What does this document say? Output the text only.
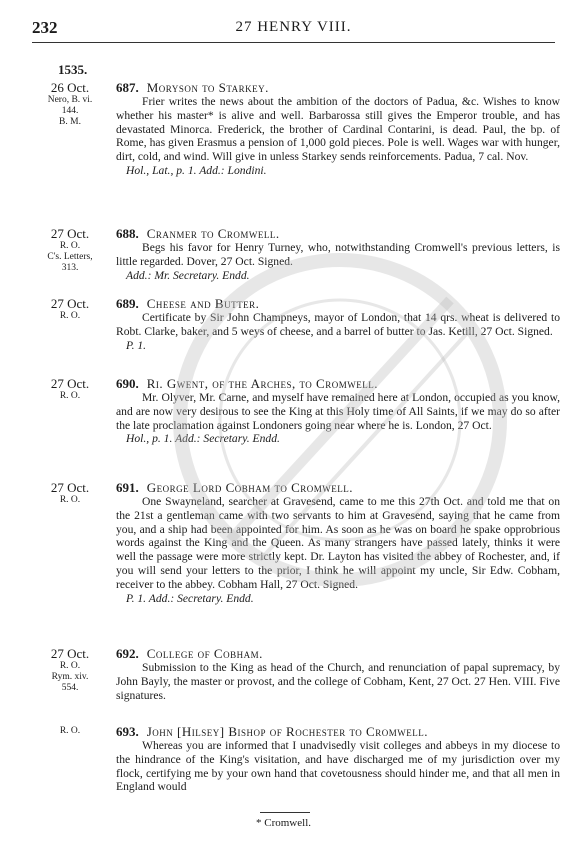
232	27 HENRY VIII.
1535.
26 Oct.
Nero, B. vi.
144.
B. M.
687. Moryson to Starkey.

Frier writes the news about the ambition of the doctors of Padua, &c. Wishes to know whether his master* is alive and well. Barbarossa still gives the Emperor trouble, and has devastated Minorca. Frederick, the brother of Cardinal Contarini, is dead. Paul, the bp. of Rome, has given Erasmus a pension of 1,000 gold pieces. Pole is well. Wages war with hunger, dirt, cold, and wind. Will give in unless Starkey sends reinforcements. Padua, 7 cal. Nov.

Hol., Lat., p. 1. Add.: Londini.

27 Oct.
R. O.
C's. Letters,
313.
688. Cranmer to Cromwell.

Begs his favor for Henry Turney, who, notwithstanding Cromwell's previous letters, is little regarded. Dover, 27 Oct. Signed.

Add.: Mr. Secretary. Endd.

27 Oct.
R. O.
689. Cheese and Butter.

Certificate by Sir John Champneys, mayor of London, that 14 qrs. wheat is delivered to Robt. Clarke, baker, and 5 weys of cheese, and a barrel of butter to Jas. Ketill, 27 Oct. Signed.

P. 1.

27 Oct.
R. O.
690. Ri. Gwent, of the Arches, to Cromwell.

Mr. Olyver, Mr. Carne, and myself have remained here at London, occupied as you know, and are now very desirous to see the King at this Holy time of All Saints, if we may do so after the late proclamation against Londoners going near where he is. London, 27 Oct.

Hol., p. 1. Add.: Secretary. Endd.

27 Oct.
R. O.
691. George Lord Cobham to Cromwell.

One Swayneland, searcher at Gravesend, came to me this 27th Oct. and told me that on the 21st a gentleman came with two servants to him at Gravesend, saying that he came from you, and a ship had been appointed for him. As soon as he was on board he spake opprobrious words against the King and the Queen. As many strangers have passed lately, thinks it were well the passage were more strictly kept. Dr. Layton has visited the abbey of Rochester, and, if you will send your letters to the prior, I think he will appoint my uncle, Sir Edw. Cobham, receiver to the abbey. Cobham Hall, 27 Oct. Signed.

P. 1. Add.: Secretary. Endd.

27 Oct.
R. O.
Rym. xiv.
554.
692. College of Cobham.

Submission to the King as head of the Church, and renunciation of papal supremacy, by John Bayly, the master or provost, and the college of Cobham, Kent, 27 Oct. 27 Hen. VIII. Five signatures.

R. O.	693. John [Hilsey] Bishop of Rochester to Cromwell.

Whereas you are informed that I unadvisedly visit colleges and abbeys in my diocese to the hindrance of the King's visitation, and have discharged me of my jurisdiction over my flock, certifying me by your own hand that covetousness should hinder me, and that all men in England would

* Cromwell.
